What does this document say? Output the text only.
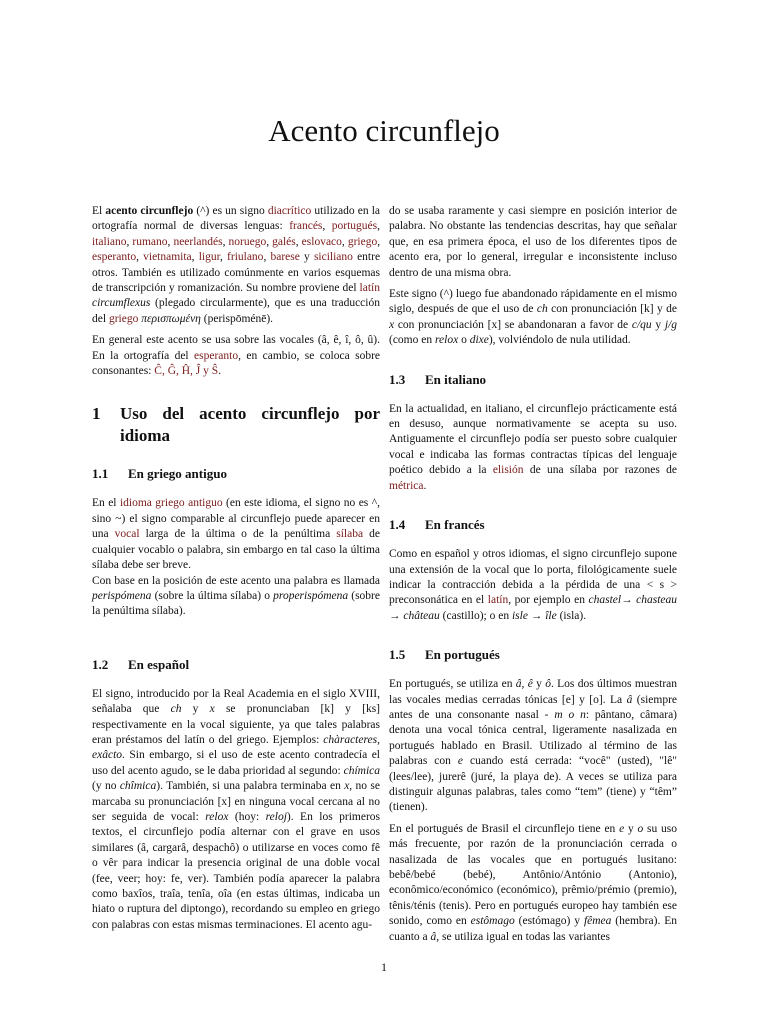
Acento circunflejo

El acento circunflejo (^) es un signo diacrítico utilizado en la ortografía normal de diversas lenguas: francés, portugués, italiano, rumano, neerlandés, noruego, galés, eslovaco, griego, esperanto, vietnamita, ligur, friulano, barese y siciliano entre otros. También es utilizado comúnmente en varios esquemas de transcripción y romanización. Su nombre proviene del latín circumflexus (plegado circularmente), que es una traducción del griego περισπωμένη (perispōménē).

En general este acento se usa sobre las vocales (â, ê, î, ô, û). En la ortografía del esperanto, en cambio, se coloca sobre consonantes: Ĉ, Ĝ, Ĥ, Ĵ y Ŝ.

1	Uso del acento circunflejo por idioma
1.1	En griego antiguo

En el idioma griego antiguo (en este idioma, el signo no es ^, sino ~) el signo comparable al circunflejo puede aparecer en una vocal larga de la última o de la penúltima sílaba de cualquier vocablo o palabra, sin embargo en tal caso la última sílaba debe ser breve.

Con base en la posición de este acento una palabra es llamada perispómena (sobre la última sílaba) o properispómena (sobre la penúltima sílaba).

1.2	En español

El signo, introducido por la Real Academia en el siglo XVIII, señalaba que ch y x se pronunciaban [k] y [ks] respectivamente en la vocal siguiente, ya que tales palabras eran préstamos del latín o del griego. Ejemplos: chàracteres, exâcto. Sin embargo, si el uso de este acento contradecía el uso del acento agudo, se le daba prioridad al segundo: chímica (y no chîmica). También, si una palabra terminaba en x, no se marcaba su pronunciación [x] en ninguna vocal cercana al no ser seguida de vocal: relox (hoy: reloj). En los primeros textos, el circunflejo podía alternar con el grave en usos similares (â, cargarâ, despachô) o utilizarse en voces como fê o vêr para indicar la presencia original de una doble vocal (fee, veer; hoy: fe, ver). También podía aparecer la palabra como baxîos, traîa, tenîa, oîa (en estas últimas, indicaba un hiato o ruptura del diptongo), recordando su empleo en griego con palabras con estas mismas terminaciones. El acento agu-

do se usaba raramente y casi siempre en posición interior de palabra. No obstante las tendencias descritas, hay que señalar que, en esa primera época, el uso de los diferentes tipos de acento era, por lo general, irregular e inconsistente incluso dentro de una misma obra.

Este signo (^) luego fue abandonado rápidamente en el mismo siglo, después de que el uso de ch con pronunciación [k] y de x con pronunciación [x] se abandonaran a favor de c/qu y j/g (como en relox o dixe), volviéndolo de nula utilidad.

1.3	En italiano

En la actualidad, en italiano, el circunflejo prácticamente está en desuso, aunque normativamente se acepta su uso. Antiguamente el circunflejo podía ser puesto sobre cualquier vocal e indicaba las formas contractas típicas del lenguaje poético debido a la elisión de una sílaba por razones de métrica.

1.4	En francés

Como en español y otros idiomas, el signo circunflejo supone una extensión de la vocal que lo porta, filológicamente suele indicar la contracción debida a la pérdida de una < s > preconsonática en el latín, por ejemplo en chastel→ chasteau → château (castillo); o en isle → île (isla).

1.5	En portugués

En portugués, se utiliza en â, ê y ô. Los dos últimos muestran las vocales medias cerradas tónicas [e] y [o]. La â (siempre antes de una consonante nasal - m o n: pântano, câmara) denota una vocal tónica central, ligeramente nasalizada en portugués hablado en Brasil. Utilizado al término de las palabras con e cuando está cerrada: “você" (usted), "lê" (lees/lee), jurerê (juré, la playa de). A veces se utiliza para distinguir algunas palabras, tales como “tem” (tiene) y “têm” (tienen).

En el portugués de Brasil el circunflejo tiene en e y o su uso más frecuente, por razón de la pronunciación cerrada o nasalizada de las vocales que en portugués lusitano: bebê/bebé (bebé), Antônio/António (Antonio), econômico/económico (económico), prêmio/prémio (premio), tênis/ténis (tenis). Pero en portugués europeo hay también ese sonido, como en estômago (estómago) y fêmea (hembra). En cuanto a â, se utiliza igual en todas las variantes

1
